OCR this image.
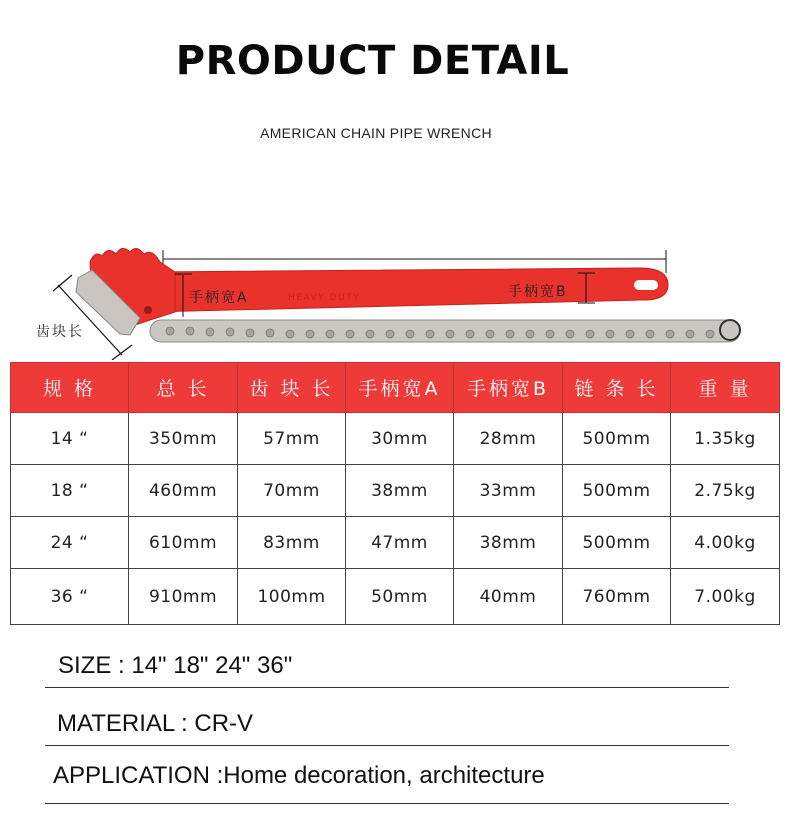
PRODUCT DETAIL
AMERICAN CHAIN PIPE WRENCH
HEAVY DUTY
齿块长
手柄宽A	手柄宽B
规 格	总 长	齿 块 长	手柄宽A	手柄宽B	链 条 长	重 量
14 “	350mm	57mm	30mm	28mm	500mm	1.35kg
18 “	460mm	70mm	38mm	33mm	500mm	2.75kg
24 “	610mm	83mm	47mm	38mm	500mm	4.00kg
36 “	910mm	100mm	50mm	40mm	760mm	7.00kg
SIZE : 14" 18" 24" 36"
MATERIAL : CR-V
APPLICATION :Home decoration, architecture
